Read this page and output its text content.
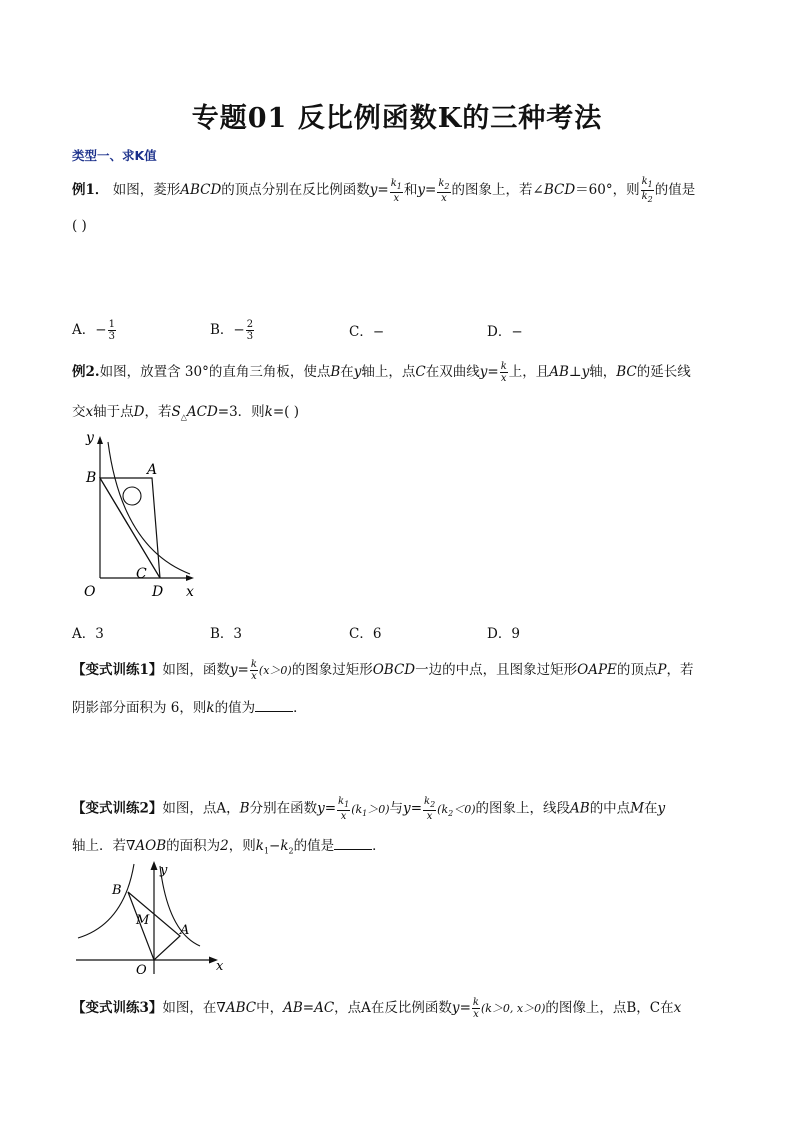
专题01 反比例函数K的三种考法
类型一、求K值
例1． 如图，菱形ABCD的顶点分别在反比例函数$y= \frac{k_1}{x}$ 和$y= \frac{k_2}{x}$ 的图象上，若∠BCD＝60°，则 $\frac{k_1}{k_2}$ 的值是
( )
A．− $\frac{1}{3}$	B．− $\frac{2}{3}$	C．−	D．−
例2.如图，放置含 30°的直角三角板，使点B在y轴上，点C在双曲线$y= \frac{k}{x}$ 上，且AB⊥y轴，BC的延长线
交x轴于点D，若$S_\triangle ACD=3$．则k=( )
y
B	A
C
O	D x
A．3	B．3	C．6	D．9
【变式训练1】如图，函数$y= \frac{k}{x} (x>0)$的图象过矩形OBCD一边的中点，且图象过矩形OAPE的顶点P，若
阴影部分面积为 6，则k的值为	．
【变式训练2】如图，点A，B分别在函数$y= \frac{k_1}{x} (k_1>0)$与$y= \frac{k_2}{x} (k_2<0)$的图象上，线段AB的中点M在y
轴上．若∇AOB的面积为2，则$k_1-k_2$的值是	．
y
B
M
A
O	x
【变式训练3】如图，在∇ABC中，AB=AC，点A在反比例函数$y= \frac{k}{x} (k>0$, x＞0)的图像上，点B，C在x
